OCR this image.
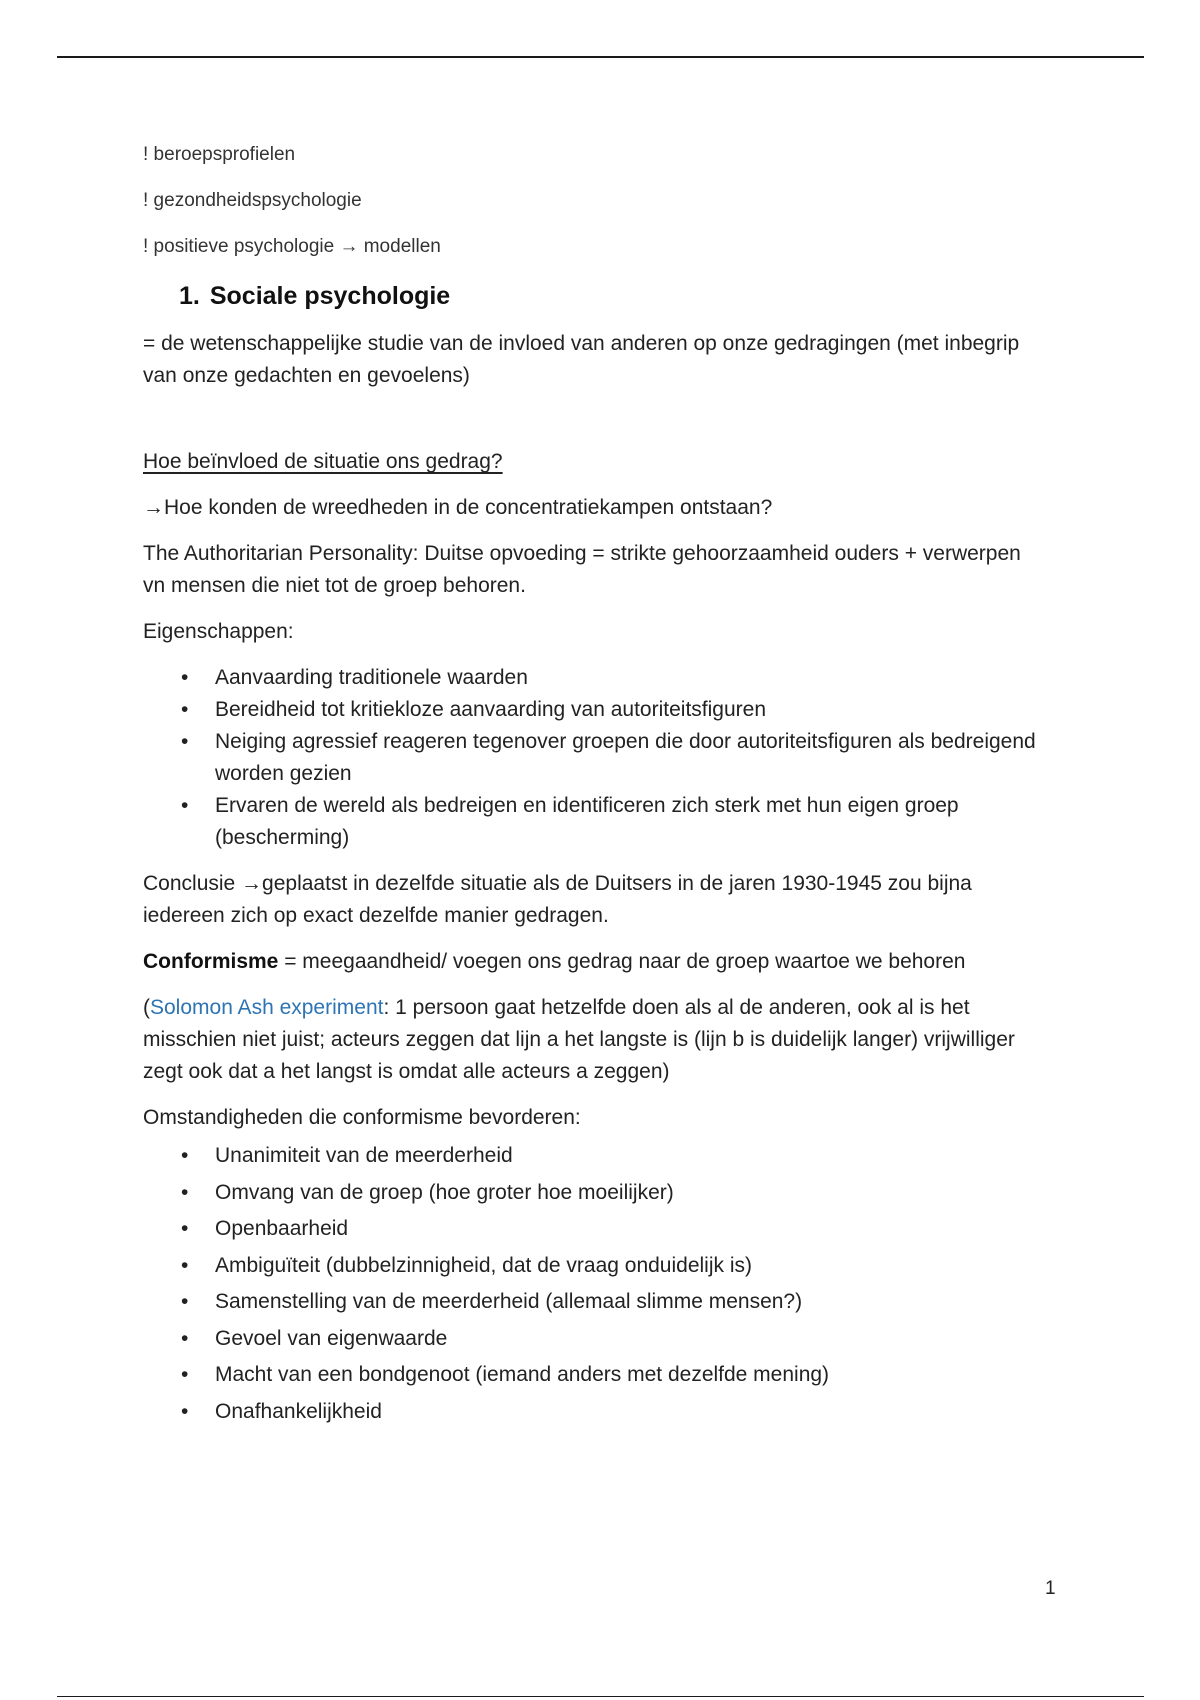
! beroepsprofielen

! gezondheidspsychologie

! positieve psychologie → modellen

1. Sociale psychologie

= de wetenschappelijke studie van de invloed van anderen op onze gedragingen (met inbegrip van onze gedachten en gevoelens)

Hoe beïnvloed de situatie ons gedrag?

→Hoe konden de wreedheden in de concentratiekampen ontstaan?

The Authoritarian Personality: Duitse opvoeding = strikte gehoorzaamheid ouders + verwerpen vn mensen die niet tot de groep behoren.

Eigenschappen:

• Aanvaarding traditionele waarden
• Bereidheid tot kritiekloze aanvaarding van autoriteitsfiguren
• Neiging agressief reageren tegenover groepen die door autoriteitsfiguren als bedreigend worden gezien
• Ervaren de wereld als bedreigen en identificeren zich sterk met hun eigen groep (bescherming)

Conclusie →geplaatst in dezelfde situatie als de Duitsers in de jaren 1930-1945 zou bijna iedereen zich op exact dezelfde manier gedragen.

Conformisme = meegaandheid/ voegen ons gedrag naar de groep waartoe we behoren

(Solomon Ash experiment: 1 persoon gaat hetzelfde doen als al de anderen, ook al is het misschien niet juist; acteurs zeggen dat lijn a het langste is (lijn b is duidelijk langer) vrijwilliger zegt ook dat a het langst is omdat alle acteurs a zeggen)

Omstandigheden die conformisme bevorderen:

• Unanimiteit van de meerderheid
• Omvang van de groep (hoe groter hoe moeilijker)
• Openbaarheid
• Ambiguïteit (dubbelzinnigheid, dat de vraag onduidelijk is)
• Samenstelling van de meerderheid (allemaal slimme mensen?)
• Gevoel van eigenwaarde
• Macht van een bondgenoot (iemand anders met dezelfde mening)
• Onafhankelijkheid
1
